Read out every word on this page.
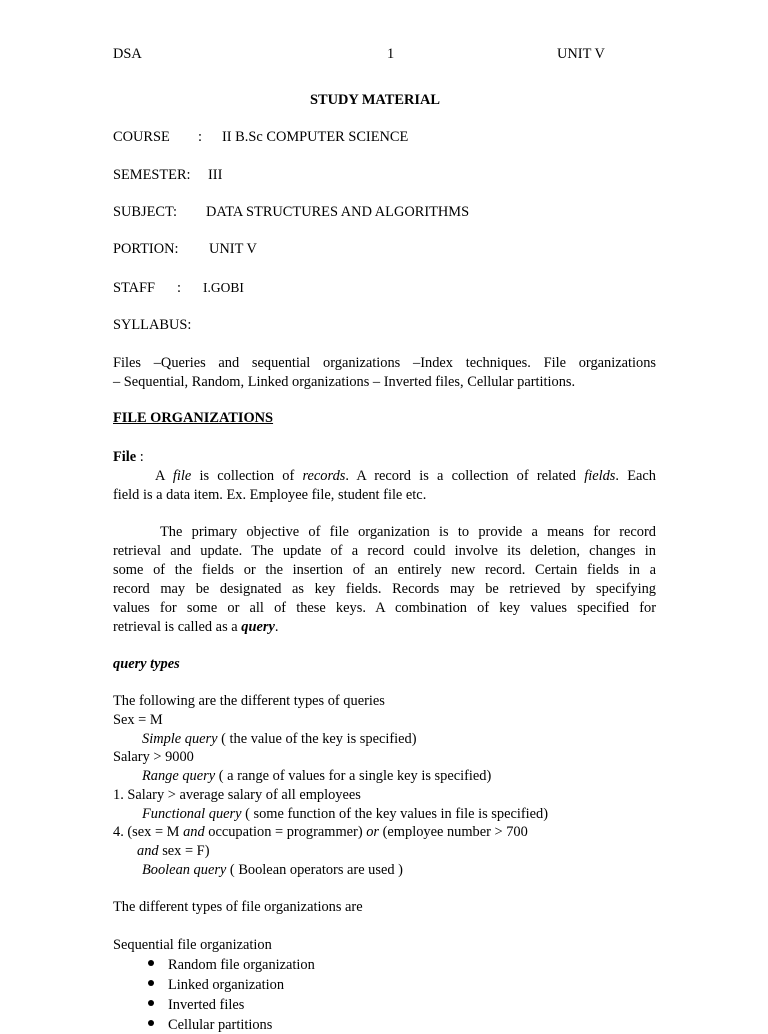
DSA	1	UNIT V
STUDY MATERIAL
COURSE : II B.Sc COMPUTER SCIENCE
SEMESTER: III
SUBJECT: DATA STRUCTURES AND ALGORITHMS
PORTION: UNIT V
STAFF : I.GOBI
SYLLABUS:
Files –Queries and sequential organizations –Index techniques. File organizations
– Sequential, Random, Linked organizations – Inverted files, Cellular partitions.
FILE ORGANIZATIONS
File :
A file is collection of records. A record is a collection of related fields. Each
field is a data item. Ex. Employee file, student file etc.
The primary objective of file organization is to provide a means for record
retrieval and update. The update of a record could involve its deletion, changes in
some of the fields or the insertion of an entirely new record. Certain fields in a
record may be designated as key fields. Records may be retrieved by specifying
values for some or all of these keys. A combination of key values specified for
retrieval is called as a query.
query types
The following are the different types of queries
Sex = M
Simple query ( the value of the key is specified)
Salary > 9000
Range query ( a range of values for a single key is specified)
1. Salary > average salary of all employees
Functional query ( some function of the key values in file is specified)
4. (sex = M and occupation = programmer) or (employee number > 700
and sex = F)
Boolean query ( Boolean operators are used )
The different types of file organizations are
Sequential file organization
Random file organization
Linked organization
Inverted files
Cellular partitions
